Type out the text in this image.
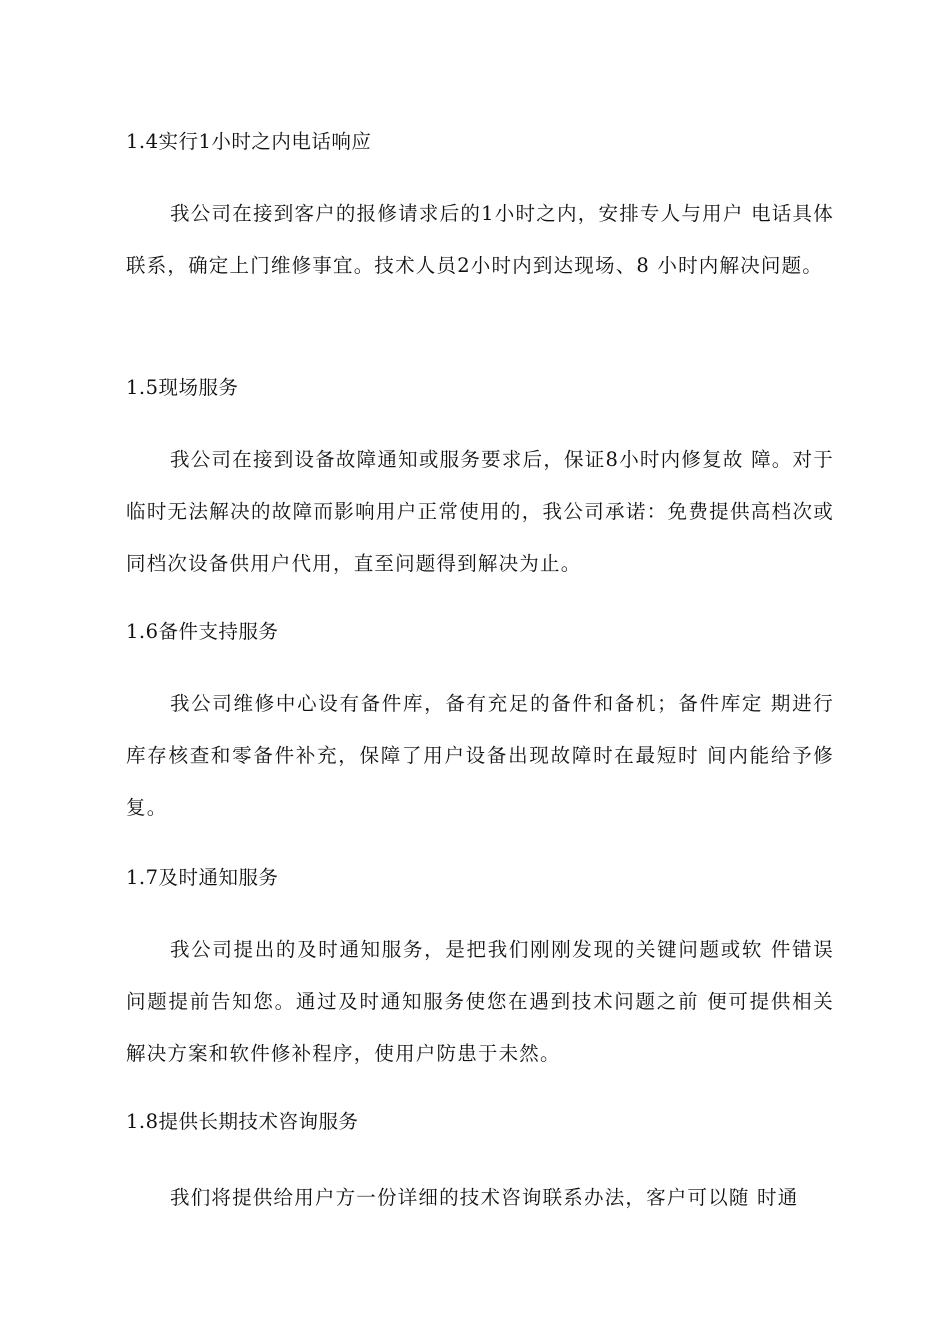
1.4实行1小时之内电话响应

我公司在接到客户的报修请求后的1小时之内，安排专人与用户 电话具体联系，确定上门维修事宜。技术人员2小时内到达现场、8 小时内解决问题。

1.5现场服务

我公司在接到设备故障通知或服务要求后，保证8小时内修复故 障。对于临时无法解决的故障而影响用户正常使用的，我公司承诺：免费提供高档次或同档次设备供用户代用，直至问题得到解决为止。

1.6备件支持服务

我公司维修中心设有备件库，备有充足的备件和备机；备件库定 期进行库存核查和零备件补充，保障了用户设备出现故障时在最短时 间内能给予修复。

1.7及时通知服务

我公司提出的及时通知服务，是把我们刚刚发现的关键问题或软 件错误问题提前告知您。通过及时通知服务使您在遇到技术问题之前 便可提供相关解决方案和软件修补程序，使用户防患于未然。

1.8提供长期技术咨询服务

我们将提供给用户方一份详细的技术咨询联系办法，客户可以随 时通
